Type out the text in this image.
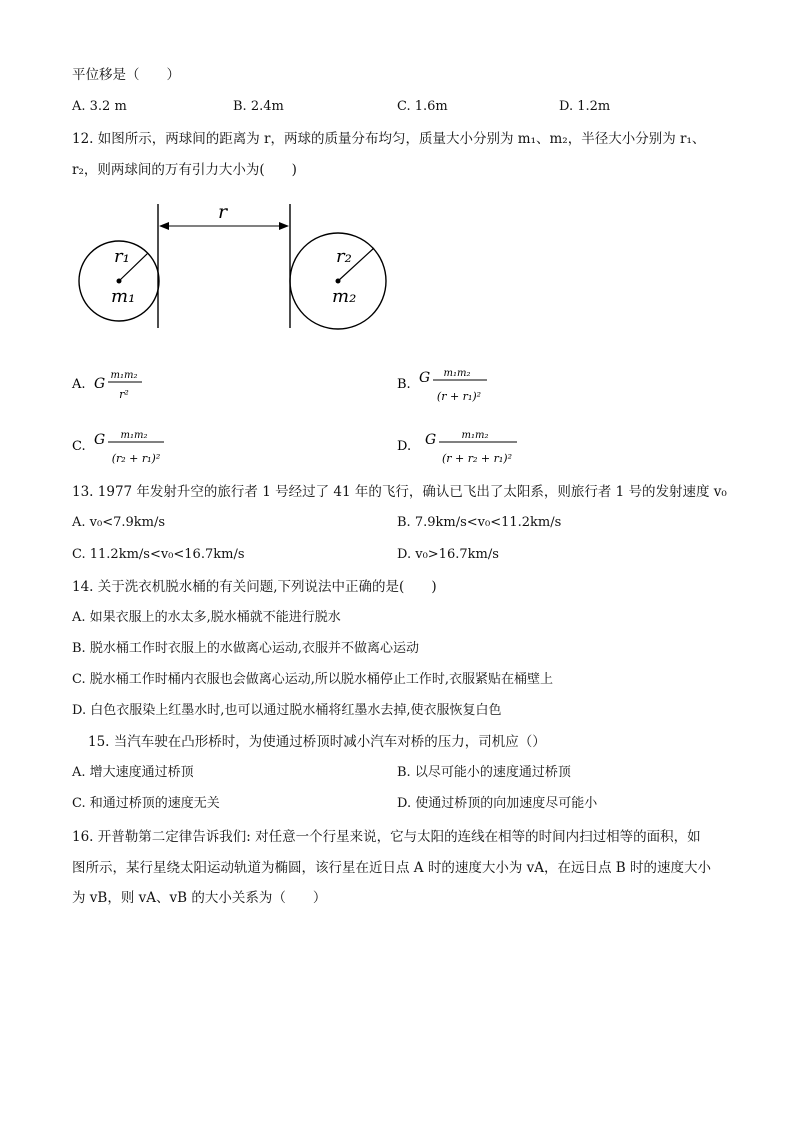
平位移是（　　）
A. 3.2 m	B. 2.4m	C. 1.6m	D. 1.2m
12. 如图所示，两球间的距离为 r，两球的质量分布均匀，质量大小分别为 m₁、m₂，半径大小分别为 r₁、
r₂，则两球间的万有引力大小为(　　)
r
r₁
m₁
r₂
m₂
A. G
m₁m₂
r²
B. G m₁m₂
(r + r₁)²
C. G m₁m₂
(r₂ + r₁)²
D. G	m₁m₂
(r + r₂ + r₁)²
13. 1977 年发射升空的旅行者 1 号经过了 41 年的飞行，确认已飞出了太阳系，则旅行者 1 号的发射速度 v₀
A. v₀<7.9km/s	B. 7.9km/s<v₀<11.2km/s
C. 11.2km/s<v₀<16.7km/s	D. v₀>16.7km/s
14. 关于洗衣机脱水桶的有关问题,下列说法中正确的是(　　)
A. 如果衣服上的水太多,脱水桶就不能进行脱水
B. 脱水桶工作时衣服上的水做离心运动,衣服并不做离心运动
C. 脱水桶工作时桶内衣服也会做离心运动,所以脱水桶停止工作时,衣服紧贴在桶壁上
D. 白色衣服染上红墨水时,也可以通过脱水桶将红墨水去掉,使衣服恢复白色
15. 当汽车驶在凸形桥时，为使通过桥顶时减小汽车对桥的压力，司机应（）
A. 增大速度通过桥顶	B. 以尽可能小的速度通过桥顶
C. 和通过桥顶的速度无关	D. 使通过桥顶的向加速度尽可能小
16. 开普勒第二定律告诉我们: 对任意一个行星来说，它与太阳的连线在相等的时间内扫过相等的面积，如
图所示，某行星绕太阳运动轨道为椭圆，该行星在近日点 A 时的速度大小为 vA，在远日点 B 时的速度大小
为 vB，则 vA、vB 的大小关系为（　　）
